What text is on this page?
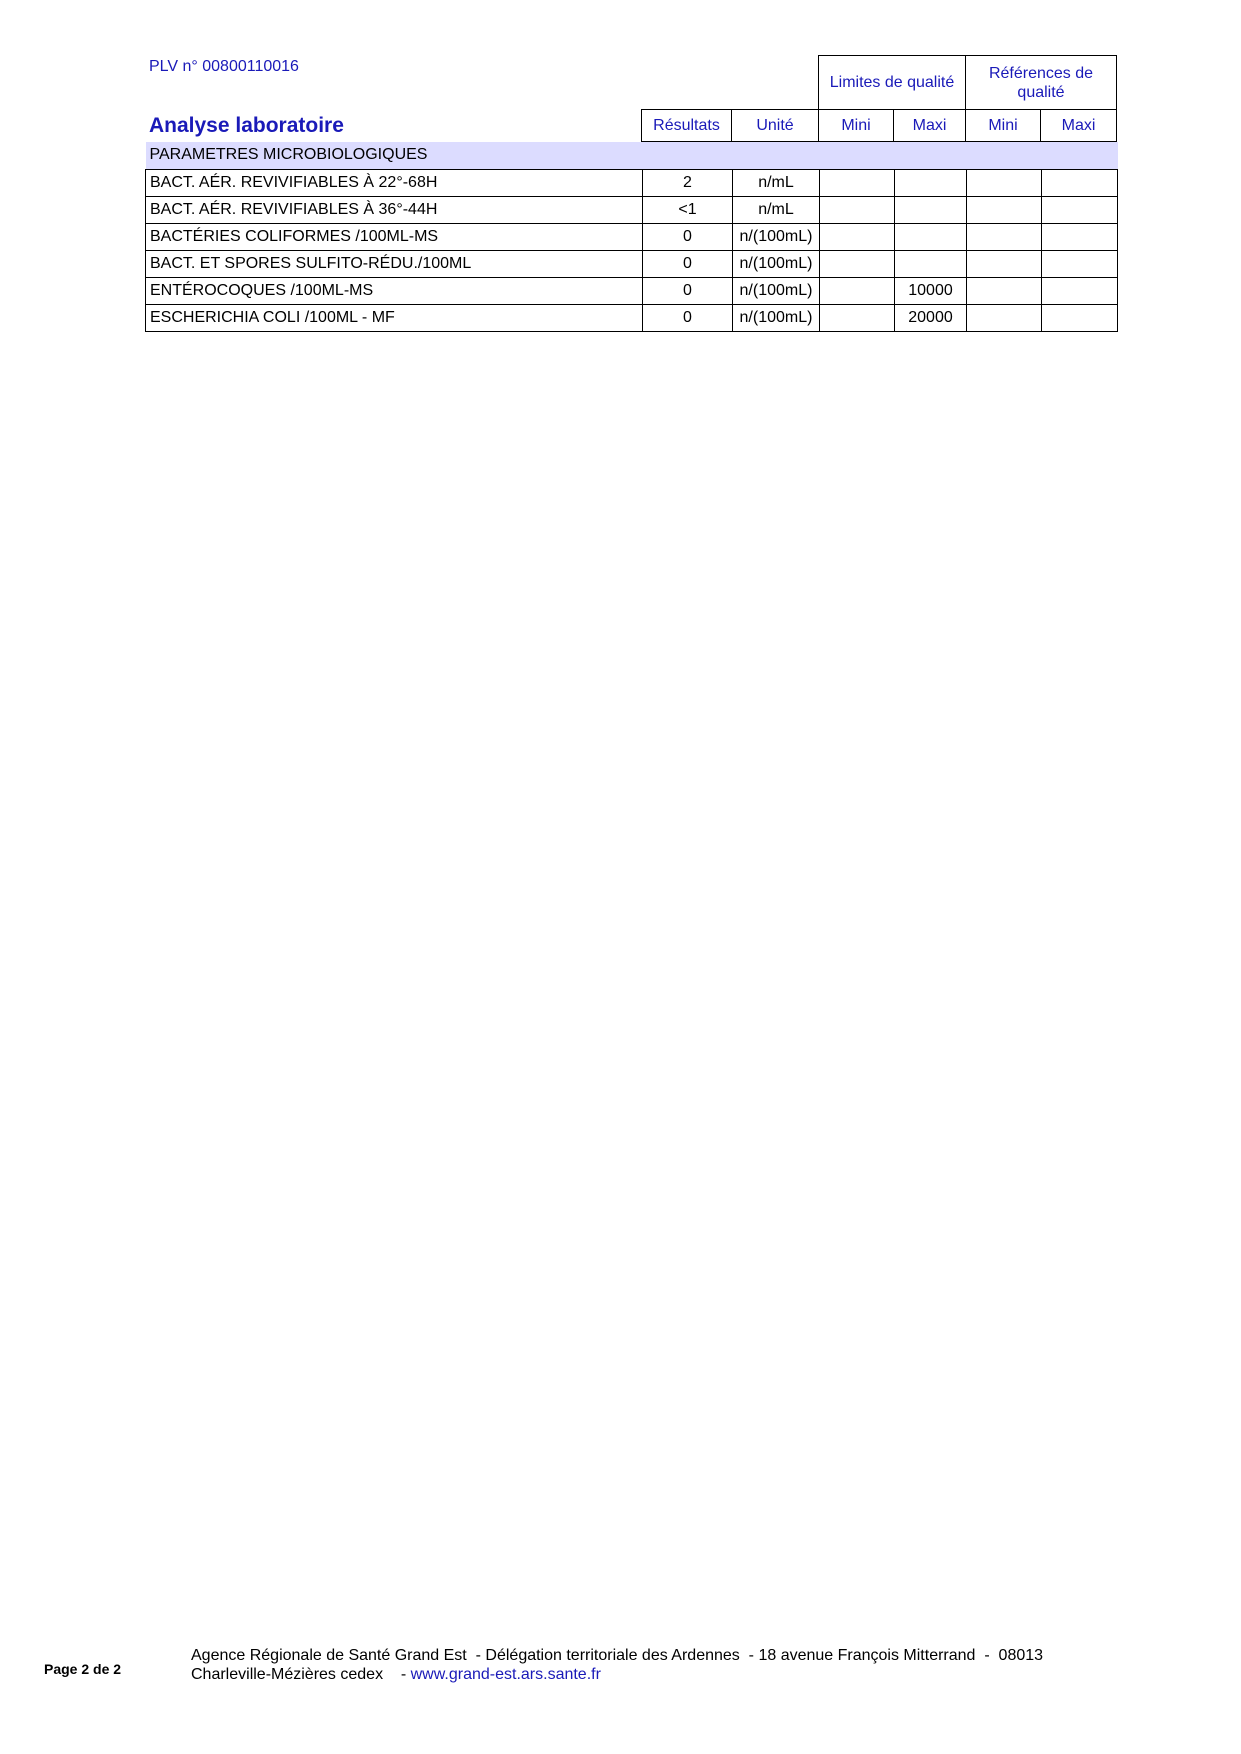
PLV n° 00800110016
Analyse laboratoire
Limites de qualité
Références de qualité
Résultats	Unité	Mini	Maxi	Mini	Maxi
PARAMETRES MICROBIOLOGIQUES						
BACT. AÉR. REVIVIFIABLES À 22°-68H	2	n/mL				
BACT. AÉR. REVIVIFIABLES À 36°-44H	<1	n/mL				
BACTÉRIES COLIFORMES /100ML-MS	0	n/(100mL)				
BACT. ET SPORES SULFITO-RÉDU./100ML	0	n/(100mL)				
ENTÉROCOQUES /100ML-MS	0	n/(100mL)		10000		
ESCHERICHIA COLI /100ML - MF	0	n/(100mL)		20000		
Page 2 de 2
Agence Régionale de Santé Grand Est  - Délégation territoriale des Ardennes  - 18 avenue François Mitterrand  -  08013
Charleville-Mézières cedex    - www.grand-est.ars.sante.fr
